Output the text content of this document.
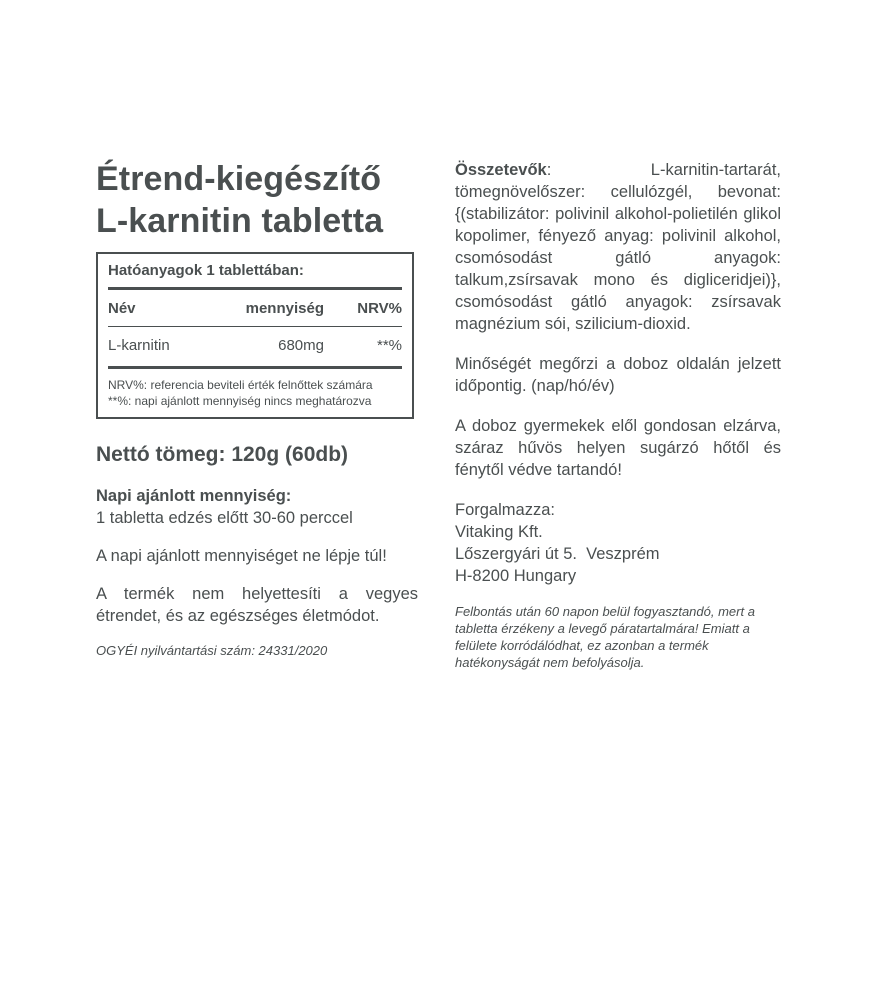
Étrend-kiegészítő
L-karnitin tabletta
Hatóanyagok 1 tablettában:
Név	mennyiség	NRV%
L-karnitin	680mg	**%
NRV%: referencia beviteli érték felnőttek számára
**%: napi ajánlott mennyiség nincs meghatározva
Nettó tömeg: 120g (60db)
Napi ajánlott mennyiség:
1 tabletta edzés előtt 30-60 perccel
A napi ajánlott mennyiséget ne lépje túl!
A termék nem helyettesíti a vegyes étrendet, és az egészséges életmódot.
OGYÉI nyilvántartási szám: 24331/2020

Összetevők: L-karnitin-tartarát, tömegnövelőszer: cellulózgél, bevonat: {(stabilizátor: polivinil alkohol-polietilén glikol kopolimer, fényező anyag: polivinil alkohol, csomósodást gátló anyagok: talkum,zsírsavak mono és digliceridjei)}, csomósodást gátló anyagok: zsírsavak magnézium sói, szilicium-dioxid.

Minőségét megőrzi a doboz oldalán jelzett időpontig. (nap/hó/év)

A doboz gyermekek elől gondosan elzárva, száraz hűvös helyen sugárzó hőtől és fénytől védve tartandó!

Forgalmazza:
Vitaking Kft.
Lőszergyári út 5.  Veszprém
H-8200 Hungary

Felbontás után 60 napon belül fogyasztandó, mert a tabletta érzékeny a levegő páratartalmára! Emiatt a felülete korródálódhat, ez azonban a termék hatékonyságát nem befolyásolja.
